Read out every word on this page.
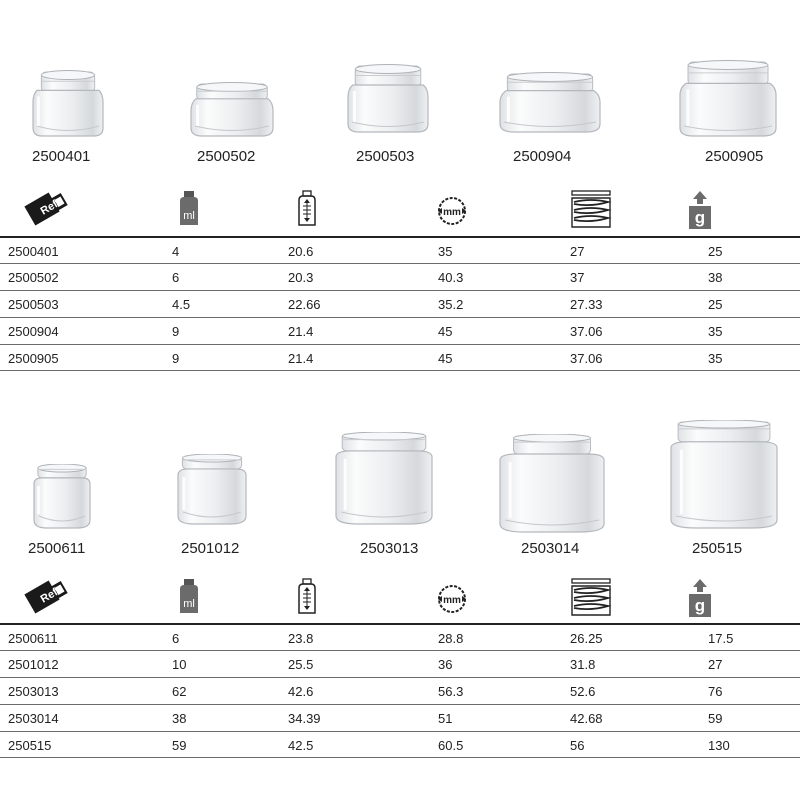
2500401	2500502	2500503	2500904	2500905
Ref.	ml	mm	g
2500401	4	20.6	35	27	25
2500502	6	20.3	40.3	37	38
2500503	4.5	22.66	35.2	27.33	25
2500904	9	21.4	45	37.06	35
2500905	9	21.4	45	37.06	35
2500611	2501012	2503013	2503014	250515
Ref.	ml	mm	g
2500611	6	23.8	28.8	26.25	17.5
2501012	10	25.5	36	31.8	27
2503013	62	42.6	56.3	52.6	76
2503014	38	34.39	51	42.68	59
250515	59	42.5	60.5	56	130
